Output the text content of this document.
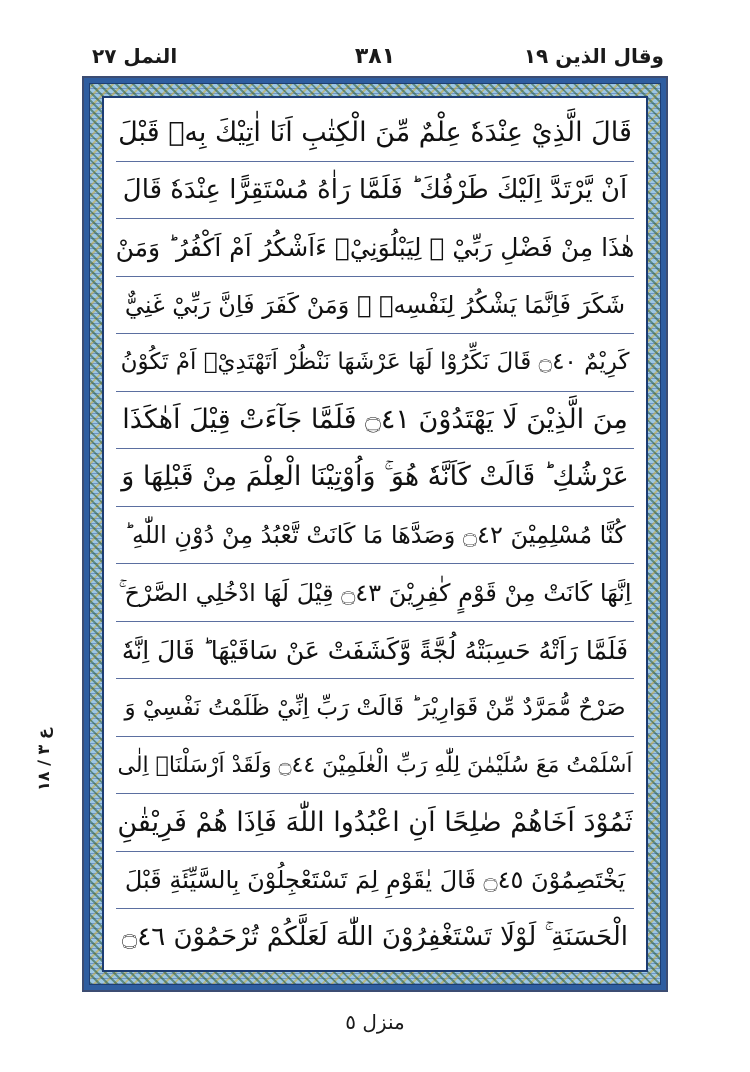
وقال الذين ١٩
٣٨١
النمل ٢٧
قَالَ الَّذِيْ عِنْدَهٗ عِلْمٌ مِّنَ الْكِتٰبِ اَنَا اٰتِيْكَ بِهٖ قَبْلَ
اَنْ يَّرْتَدَّ اِلَيْكَ طَرْفُكَ ؕ فَلَمَّا رَاٰهُ مُسْتَقِرًّا عِنْدَهٗ قَالَ
هٰذَا مِنْ فَضْلِ رَبِّيْ ۖ لِيَبْلُوَنِيْۤ ءَاَشْكُرُ اَمْ اَكْفُرُ ؕ وَمَنْ
شَكَرَ فَاِنَّمَا يَشْكُرُ لِنَفْسِهٖ ۚ وَمَنْ كَفَرَ فَاِنَّ رَبِّيْ غَنِيٌّ
كَرِيْمٌ ۝٤٠ قَالَ نَكِّرُوْا لَهَا عَرْشَهَا نَنْظُرْ اَتَهْتَدِيْۤ اَمْ تَكُوْنُ
مِنَ الَّذِيْنَ لَا يَهْتَدُوْنَ ۝٤١ فَلَمَّا جَآءَتْ قِيْلَ اَهٰكَذَا
عَرْشُكِ ؕ قَالَتْ كَاَنَّهٗ هُوَ ۚ وَاُوْتِيْنَا الْعِلْمَ مِنْ قَبْلِهَا وَ
كُنَّا مُسْلِمِيْنَ ۝٤٢ وَصَدَّهَا مَا كَانَتْ تَّعْبُدُ مِنْ دُوْنِ اللّٰهِ ؕ
اِنَّهَا كَانَتْ مِنْ قَوْمٍ كٰفِرِيْنَ ۝٤٣ قِيْلَ لَهَا ادْخُلِي الصَّرْحَ ۚ
فَلَمَّا رَاَتْهُ حَسِبَتْهُ لُجَّةً وَّكَشَفَتْ عَنْ سَاقَيْهَا ؕ قَالَ اِنَّهٗ
صَرْحٌ مُّمَرَّدٌ مِّنْ قَوَارِيْرَ ؕ قَالَتْ رَبِّ اِنِّيْ ظَلَمْتُ نَفْسِيْ وَ
اَسْلَمْتُ مَعَ سُلَيْمٰنَ لِلّٰهِ رَبِّ الْعٰلَمِيْنَ ۝٤٤ وَلَقَدْ اَرْسَلْنَاۤ اِلٰى
ثَمُوْدَ اَخَاهُمْ صٰلِحًا اَنِ اعْبُدُوا اللّٰهَ فَاِذَا هُمْ فَرِيْقٰنِ
يَخْتَصِمُوْنَ ۝٤٥ قَالَ يٰقَوْمِ لِمَ تَسْتَعْجِلُوْنَ بِالسَّيِّئَةِ قَبْلَ
الْحَسَنَةِ ۚ لَوْلَا تَسْتَغْفِرُوْنَ اللّٰهَ لَعَلَّكُمْ تُرْحَمُوْنَ ۝٤٦
ع ٣ / ١٨
منزل ٥
